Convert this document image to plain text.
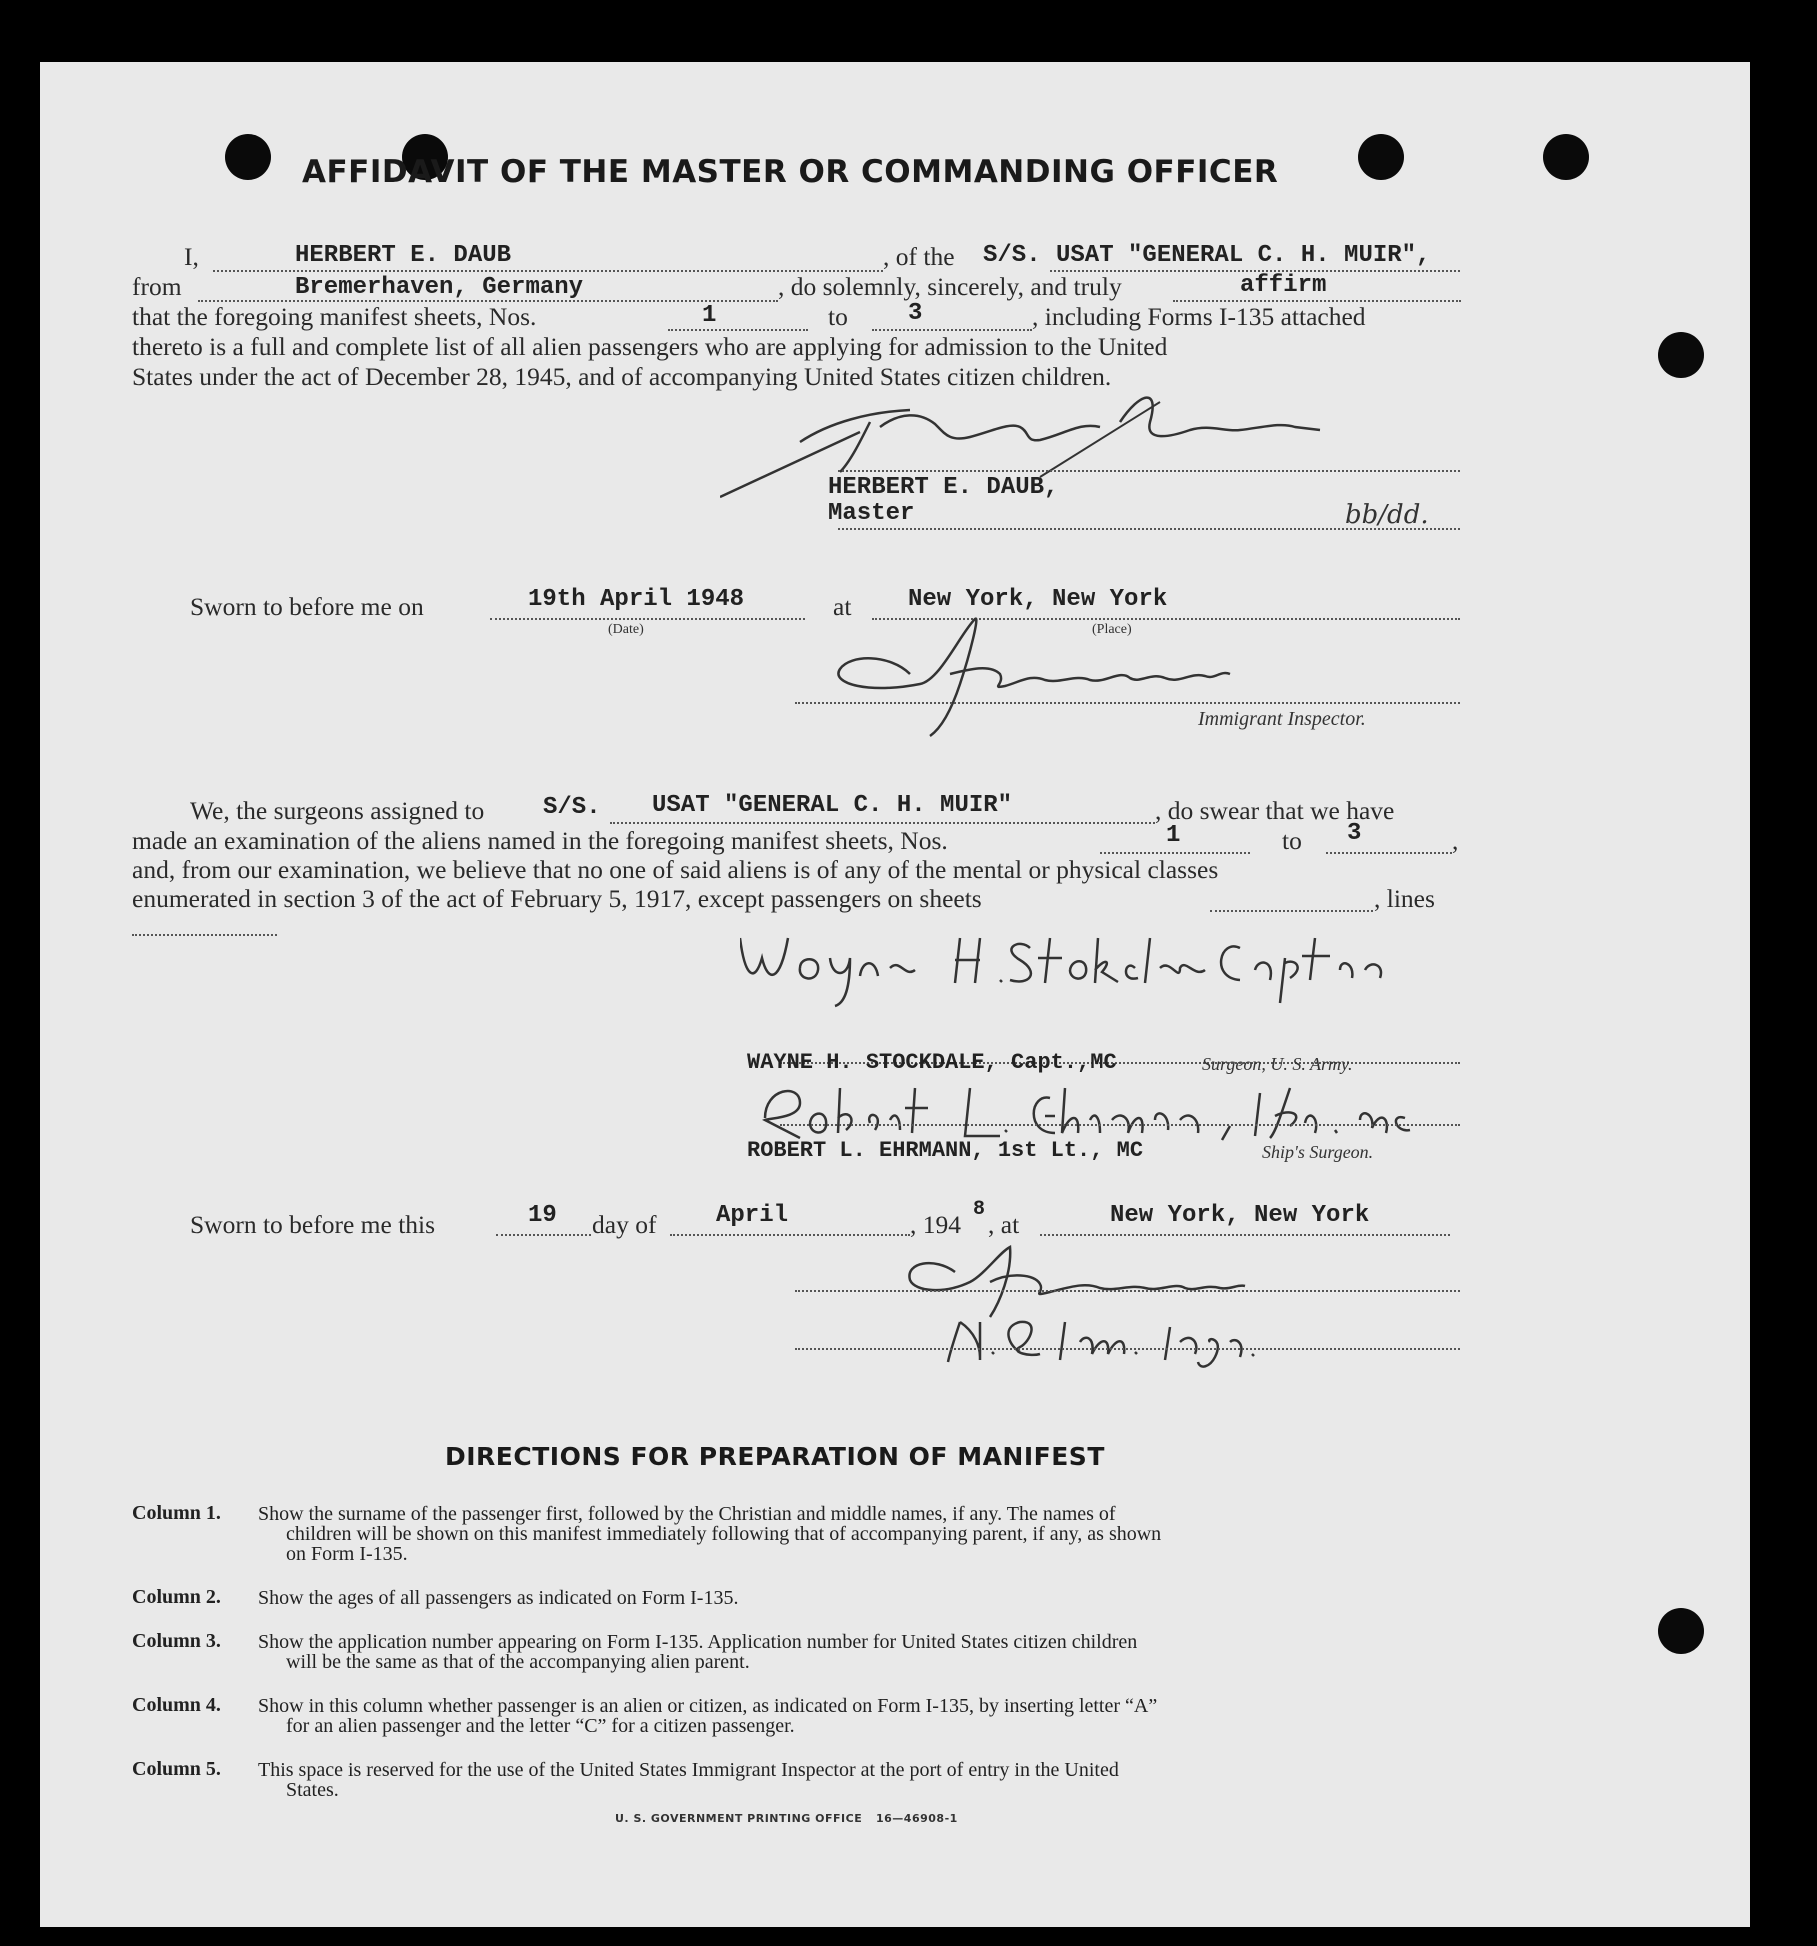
AFFIDAVIT OF THE MASTER OR COMMANDING OFFICER
I,	HERBERT E. DAUB	, of the S/S. USAT "GENERAL C. H. MUIR",
from	Bremerhaven, Germany	, do solemnly, sincerely, and truly	affirm
that the foregoing manifest sheets, Nos.	1	to	3	, including Forms I-135 attached
thereto is a full and complete list of all alien passengers who are applying for admission to the United
States under the act of December 28, 1945, and of accompanying United States citizen children.
HERBERT E. DAUB,
Master	bb/dd.
Sworn to before me on	19th April 1948
(Date)
at New York, New York
(Place)
Immigrant Inspector.
We, the surgeons assigned to S/S. USAT "GENERAL C. H. MUIR"	, do swear that we have
made an examination of the aliens named in the foregoing manifest sheets, Nos.	1	to 3	,
and, from our examination, we believe that no one of said aliens is of any of the mental or physical classes
enumerated in section 3 of the act of February 5, 1917, except passengers on sheets	, lines
WAYNE H. STOCKDALE, Capt.,MC	Surgeon, U. S. Army.
ROBERT L. EHRMANN, 1st Lt., MC	Ship's Surgeon.
Sworn to before me this	19 day of April	, 194
8
, at	New York, New York
DIRECTIONS FOR PREPARATION OF MANIFEST
Column 1. Show the surname of the passenger first, followed by the Christian and middle names, if any. The names of
children will be shown on this manifest immediately following that of accompanying parent, if any, as shown
on Form I-135.
Column 2. Show the ages of all passengers as indicated on Form I-135.
Column 3. Show the application number appearing on Form I-135. Application number for United States citizen children
will be the same as that of the accompanying alien parent.
Column 4. Show in this column whether passenger is an alien or citizen, as indicated on Form I-135, by inserting letter “A”
for an alien passenger and the letter “C” for a citizen passenger.
Column 5. This space is reserved for the use of the United States Immigrant Inspector at the port of entry in the United
States.
U. S. GOVERNMENT PRINTING OFFICE 16—46908-1
